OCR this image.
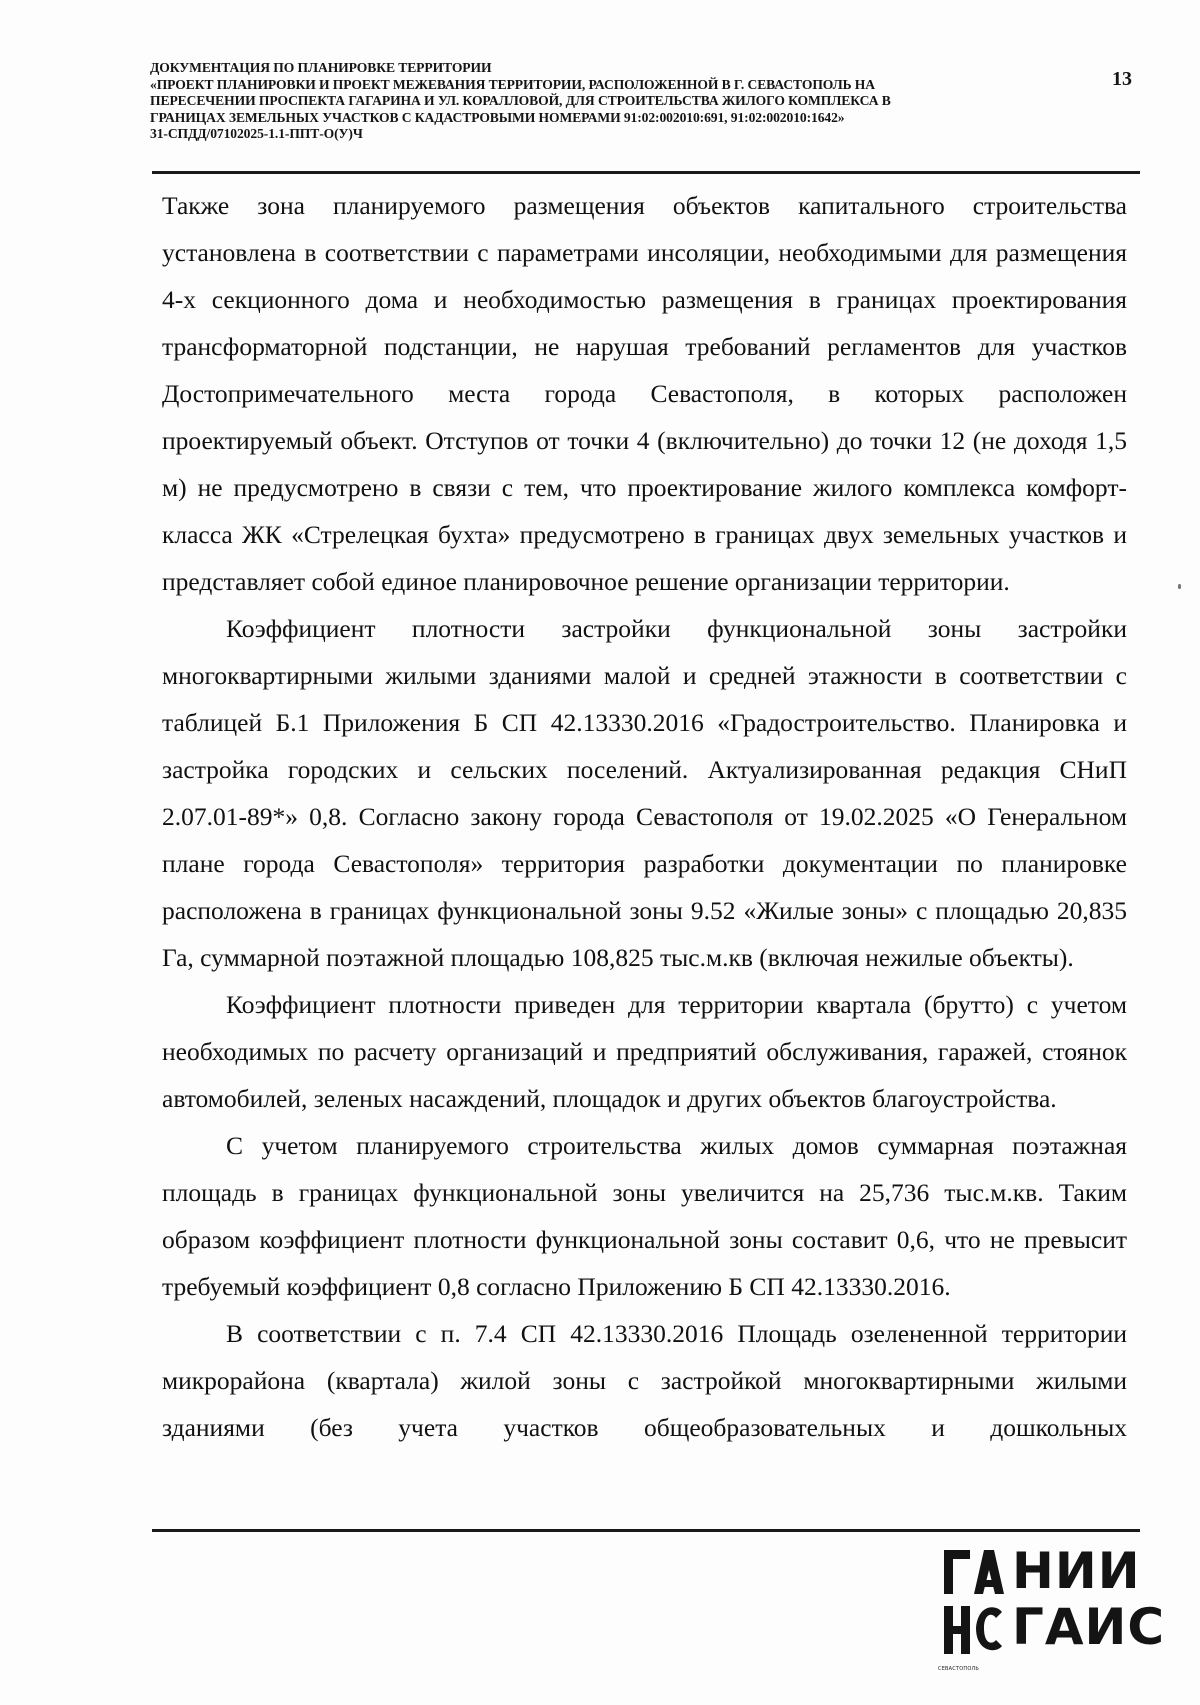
ДОКУМЕНТАЦИЯ ПО ПЛАНИРОВКЕ ТЕРРИТОРИИ
«ПРОЕКТ ПЛАНИРОВКИ И ПРОЕКТ МЕЖЕВАНИЯ ТЕРРИТОРИИ, РАСПОЛОЖЕННОЙ В Г. СЕВАСТОПОЛЬ НА
ПЕРЕСЕЧЕНИИ ПРОСПЕКТА ГАГАРИНА И УЛ. КОРАЛЛОВОЙ, ДЛЯ СТРОИТЕЛЬСТВА ЖИЛОГО КОМПЛЕКСА В
ГРАНИЦАХ ЗЕМЕЛЬНЫХ УЧАСТКОВ С КАДАСТРОВЫМИ НОМЕРАМИ 91:02:002010:691, 91:02:002010:1642»
31-СПДД/07102025-1.1-ППТ-О(У)Ч
13

Также зона планируемого размещения объектов капитального строительства установлена в соответствии с параметрами инсоляции, необходимыми для размещения 4-х секционного дома и необходимостью размещения в границах проектирования трансформаторной подстанции, не нарушая требований регламентов для участков Достопримечательного места города Севастополя, в которых расположен проектируемый объект. Отступов от точки 4 (включительно) до точки 12 (не доходя 1,5 м) не предусмотрено в связи с тем, что проектирование жилого комплекса комфорт-класса ЖК «Стрелецкая бухта» предусмотрено в границах двух земельных участков и представляет собой единое планировочное решение организации территории.

Коэффициент плотности застройки функциональной зоны застройки многоквартирными жилыми зданиями малой и средней этажности в соответствии с таблицей Б.1 Приложения Б СП 42.13330.2016 «Градостроительство. Планировка и застройка городских и сельских поселений. Актуализированная редакция СНиП 2.07.01-89*» 0,8. Согласно закону города Севастополя от 19.02.2025 «О Генеральном плане города Севастополя» территория разработки документации по планировке расположена в границах функциональной зоны 9.52 «Жилые зоны» с площадью 20,835 Га, суммарной поэтажной площадью 108,825 тыс.м.кв (включая нежилые объекты).

Коэффициент плотности приведен для территории квартала (брутто) с учетом необходимых по расчету организаций и предприятий обслуживания, гаражей, стоянок автомобилей, зеленых насаждений, площадок и других объектов благоустройства.

С учетом планируемого строительства жилых домов суммарная поэтажная площадь в границах функциональной зоны увеличится на 25,736 тыс.м.кв. Таким образом коэффициент плотности функциональной зоны составит 0,6, что не превысит требуемый коэффициент 0,8 согласно Приложению Б СП 42.13330.2016.

В соответствии с п. 7.4 СП 42.13330.2016 Площадь озелененной территории микрорайона (квартала) жилой зоны с застройкой многоквартирными жилыми зданиями (без учета участков общеобразовательных и дошкольных

НИИ
ГАИС
СЕВАСТОПОЛЬ
